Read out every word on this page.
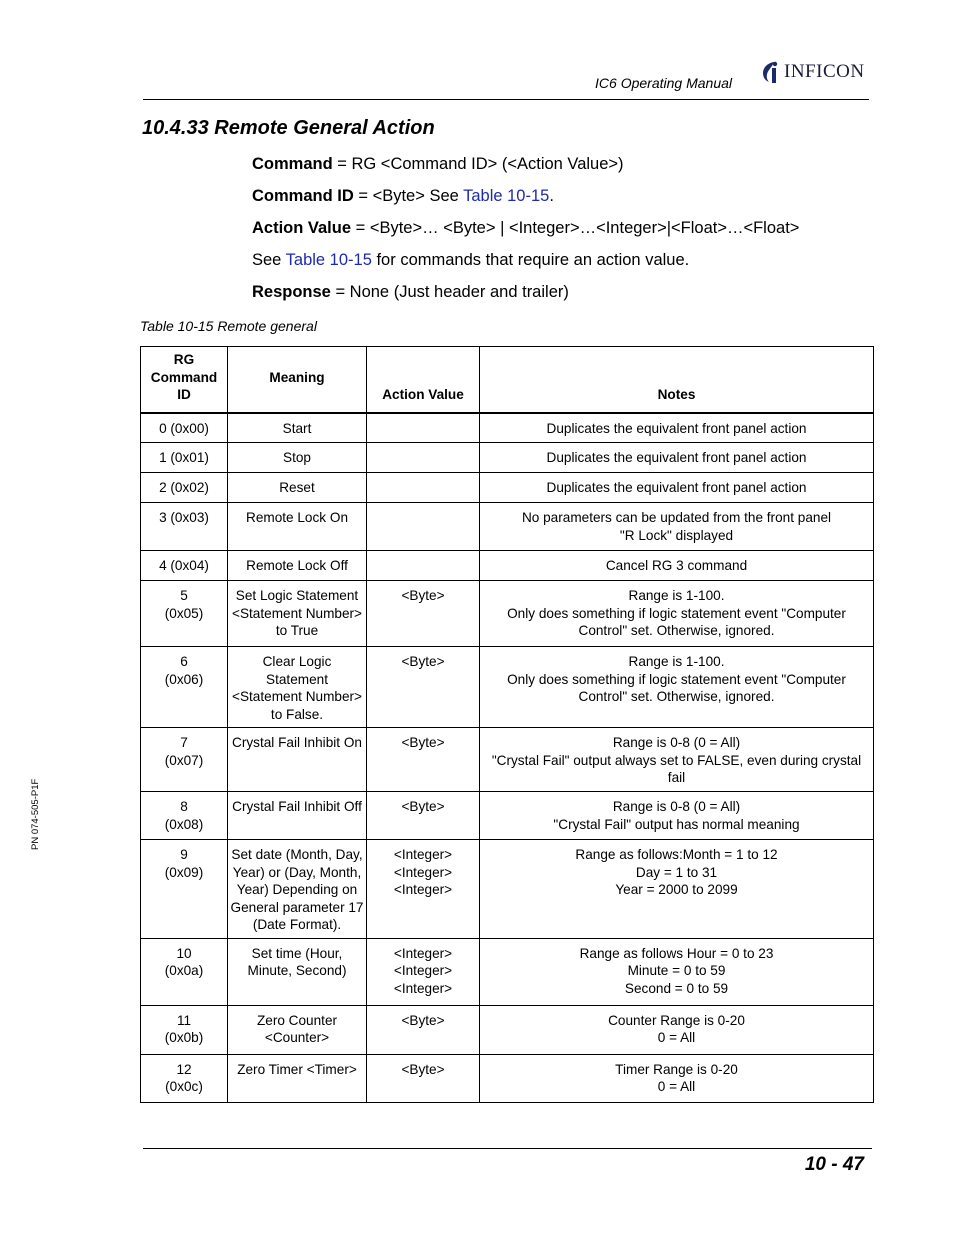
IC6 Operating Manual
INFICON
10.4.33 Remote General Action
Command = RG <Command ID> (<Action Value>)
Command ID = <Byte> See Table 10-15.
Action Value = <Byte>… <Byte> | <Integer>…<Integer>|<Float>…<Float>
See Table 10-15 for commands that require an action value.
Response = None (Just header and trailer)
Table 10-15 Remote general
RG
Command
ID	Meaning	Action Value	Notes
0 (0x00)	Start		Duplicates the equivalent front panel action
1 (0x01)	Stop		Duplicates the equivalent front panel action
2 (0x02)	Reset		Duplicates the equivalent front panel action
3 (0x03)	Remote Lock On		No parameters can be updated from the front panel
"R Lock" displayed
4 (0x04)	Remote Lock Off		Cancel RG 3 command
5
(0x05)	Set Logic Statement <Statement Number> to True	<Byte>	Range is 1-100.
Only does something if logic statement event "Computer Control" set. Otherwise, ignored.
6
(0x06)	Clear Logic Statement <Statement Number> to False.	<Byte>	Range is 1-100.
Only does something if logic statement event "Computer Control" set. Otherwise, ignored.
7
(0x07)	Crystal Fail Inhibit On	<Byte>	Range is 0-8 (0 = All)
"Crystal Fail" output always set to FALSE, even during crystal fail
8
(0x08)	Crystal Fail Inhibit Off	<Byte>	Range is 0-8 (0 = All)
"Crystal Fail" output has normal meaning
9
(0x09)	Set date (Month, Day, Year) or (Day, Month, Year) Depending on General parameter 17 (Date Format).	<Integer>
<Integer>
<Integer>	Range as follows:Month = 1 to 12
Day = 1 to 31
Year = 2000 to 2099
10
(0x0a)	Set time (Hour, Minute, Second)	<Integer>
<Integer>
<Integer>	Range as follows Hour = 0 to 23
Minute = 0 to 59
Second = 0 to 59
11
(0x0b)	Zero Counter <Counter>	<Byte>	Counter Range is 0-20
0 = All
12
(0x0c)	Zero Timer <Timer>	<Byte>	Timer Range is 0-20
0 = All
PN 074-505-P1F
10 - 47
